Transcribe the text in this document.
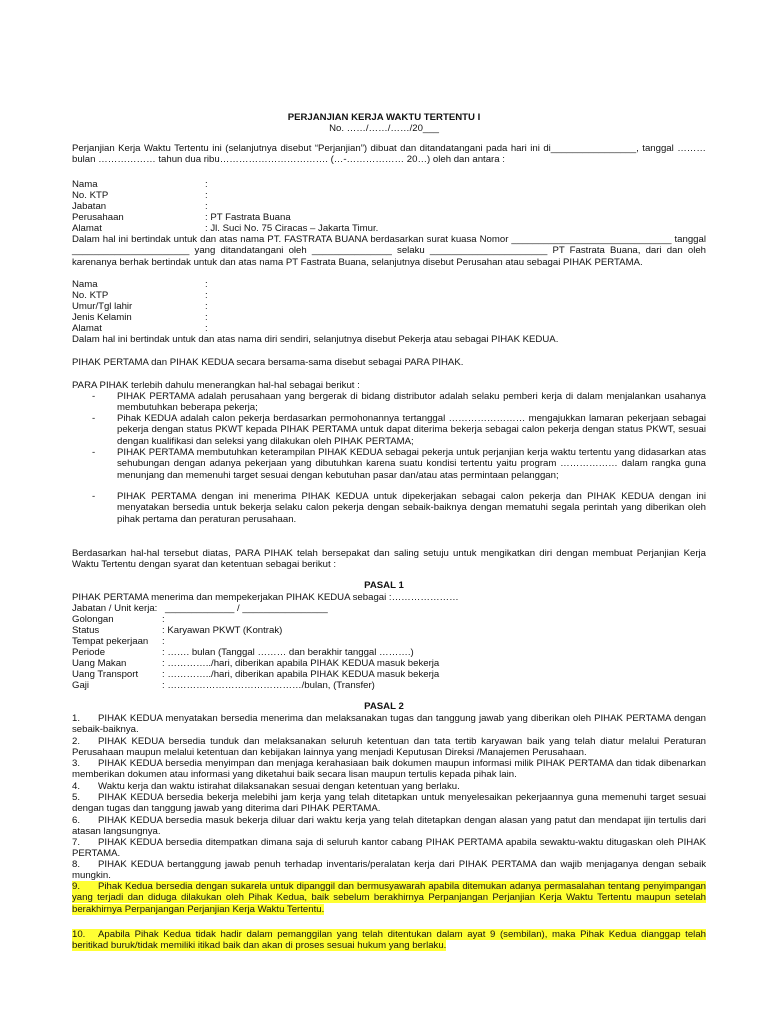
PERJANJIAN KERJA WAKTU TERTENTU I
No. ……/……/……/20___
Perjanjian Kerja Waktu Tertentu ini (selanjutnya disebut “Perjanjian”) dibuat dan ditandatangani pada hari ini di________________, tanggal ……… bulan ……………… tahun dua ribu……………………………. (…-……………… 20…) oleh dan antara :
Nama	:
No. KTP	:
Jabatan	:
Perusahaan	: PT Fastrata Buana
Alamat	: Jl. Suci No. 75 Ciracas – Jakarta Timur.
Dalam hal ini bertindak untuk dan atas nama PT. FASTRATA BUANA berdasarkan surat kuasa Nomor ______________________________ tanggal ______________________ yang ditandatangani oleh _______________ selaku ______________________ PT Fastrata Buana, dari dan oleh karenanya berhak bertindak untuk dan atas nama PT Fastrata Buana, selanjutnya disebut Perusahan atau sebagai PIHAK PERTAMA.
Nama	:
No. KTP	:
Umur/Tgl lahir	:
Jenis Kelamin	:
Alamat	:
Dalam hal ini bertindak untuk dan atas nama diri sendiri, selanjutnya disebut Pekerja atau sebagai PIHAK KEDUA.
PIHAK PERTAMA dan PIHAK KEDUA secara bersama-sama disebut sebagai PARA PIHAK.
PARA PIHAK terlebih dahulu menerangkan hal-hal sebagai berikut :
- PIHAK PERTAMA adalah perusahaan yang bergerak di bidang distributor adalah selaku pemberi kerja di dalam menjalankan usahanya membutuhkan beberapa pekerja;
- Pihak KEDUA adalah calon pekerja berdasarkan permohonannya tertanggal …………………… mengajukkan lamaran pekerjaan sebagai pekerja dengan status PKWT kepada PIHAK PERTAMA untuk dapat diterima bekerja sebagai calon pekerja dengan status PKWT, sesuai dengan kualifikasi dan seleksi yang dilakukan oleh PIHAK PERTAMA;
- PIHAK PERTAMA membutuhkan keterampilan PIHAK KEDUA sebagai pekerja untuk perjanjian kerja waktu tertentu yang didasarkan atas sehubungan dengan adanya pekerjaan yang dibutuhkan karena suatu kondisi tertentu yaitu program ……………… dalam rangka guna menunjang dan memenuhi target sesuai dengan kebutuhan pasar dan/atau atas permintaan pelanggan;
- PIHAK PERTAMA dengan ini menerima PIHAK KEDUA untuk dipekerjakan sebagai calon pekerja dan PIHAK KEDUA dengan ini menyatakan bersedia untuk bekerja selaku calon pekerja dengan sebaik-baiknya dengan mematuhi segala perintah yang diberikan oleh pihak pertama dan peraturan perusahaan.
Berdasarkan hal-hal tersebut diatas, PARA PIHAK telah bersepakat dan saling setuju untuk mengikatkan diri dengan membuat Perjanjian Kerja Waktu Tertentu dengan syarat dan ketentuan sebagai berikut :
PASAL 1
PIHAK PERTAMA menerima dan mempekerjakan PIHAK KEDUA sebagai :…………………
Jabatan / Unit kerja: _____________ / ________________
Golongan	:
Status	: Karyawan PKWT (Kontrak)
Tempat pekerjaan :
Periode	: ……. bulan (Tanggal ……… dan berakhir tanggal ……….)
Uang Makan	: …………../hari, diberikan apabila PIHAK KEDUA masuk bekerja
Uang Transport : …………../hari, diberikan apabila PIHAK KEDUA masuk bekerja
Gaji	: ……………………………………/bulan, (Transfer)
PASAL 2
1. PIHAK KEDUA menyatakan bersedia menerima dan melaksanakan tugas dan tanggung jawab yang diberikan oleh PIHAK PERTAMA dengan sebaik-baiknya.
2. PIHAK KEDUA bersedia tunduk dan melaksanakan seluruh ketentuan dan tata tertib karyawan baik yang telah diatur melalui Peraturan Perusahaan maupun melalui ketentuan dan kebijakan lainnya yang menjadi Keputusan Direksi /Manajemen Perusahaan.
3. PIHAK KEDUA bersedia menyimpan dan menjaga kerahasiaan baik dokumen maupun informasi milik PIHAK PERTAMA dan tidak dibenarkan memberikan dokumen atau informasi yang diketahui baik secara lisan maupun tertulis kepada pihak lain.
4. Waktu kerja dan waktu istirahat dilaksanakan sesuai dengan ketentuan yang berlaku.
5. PIHAK KEDUA bersedia bekerja melebihi jam kerja yang telah ditetapkan untuk menyelesaikan pekerjaannya guna memenuhi target sesuai dengan tugas dan tanggung jawab yang diterima dari PIHAK PERTAMA.
6. PIHAK KEDUA bersedia masuk bekerja diluar dari waktu kerja yang telah ditetapkan dengan alasan yang patut dan mendapat ijin tertulis dari atasan langsungnya.
7. PIHAK KEDUA bersedia ditempatkan dimana saja di seluruh kantor cabang PIHAK PERTAMA apabila sewaktu-waktu ditugaskan oleh PIHAK PERTAMA.
8. PIHAK KEDUA bertanggung jawab penuh terhadap inventaris/peralatan kerja dari PIHAK PERTAMA dan wajib menjaganya dengan sebaik mungkin.
9. Pihak Kedua bersedia dengan sukarela untuk dipanggil dan bermusyawarah apabila ditemukan adanya permasalahan tentang penyimpangan yang terjadi dan diduga dilakukan oleh Pihak Kedua, baik sebelum berakhirnya Perpanjangan Perjanjian Kerja Waktu Tertentu maupun setelah berakhirnya Perpanjangan Perjanjian Kerja Waktu Tertentu.
10. Apabila Pihak Kedua tidak hadir dalam pemanggilan yang telah ditentukan dalam ayat 9 (sembilan), maka Pihak Kedua dianggap telah beritikad buruk/tidak memiliki itikad baik dan akan di proses sesuai hukum yang berlaku.
